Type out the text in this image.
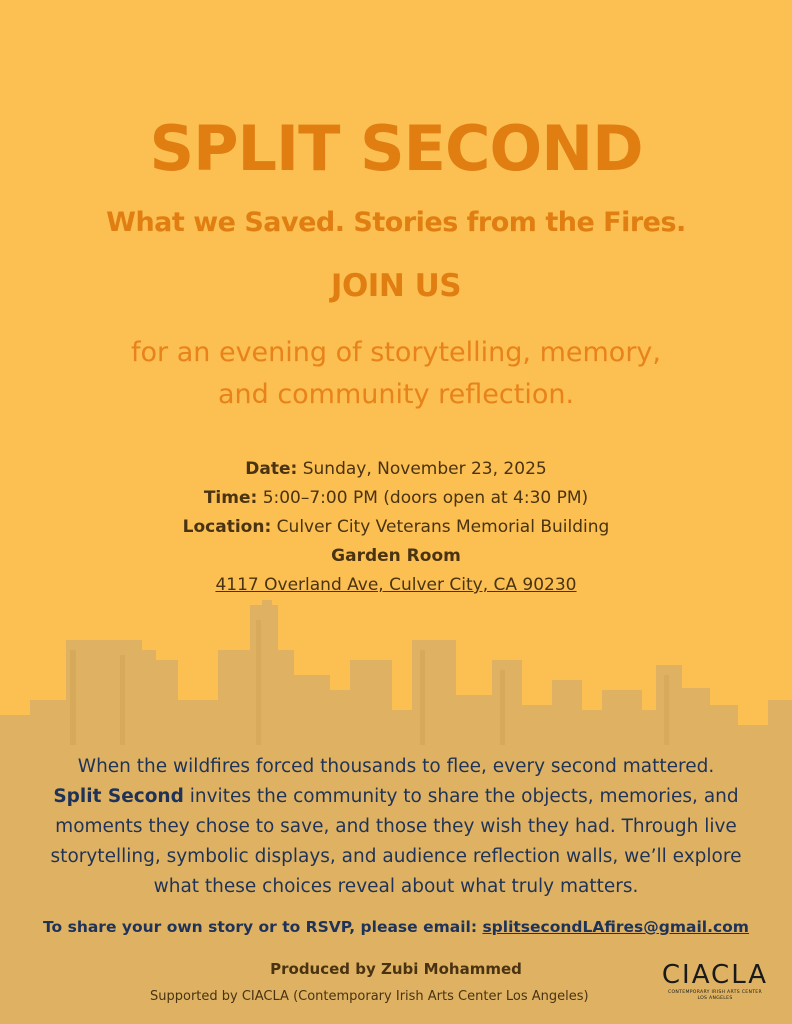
SPLIT SECOND
What we Saved. Stories from the Fires.
JOIN US

for an evening of storytelling, memory,
and community reflection.

Date: Sunday, November 23, 2025
Time: 5:00–7:00 PM (doors open at 4:30 PM)
Location: Culver City Veterans Memorial Building
Garden Room
4117 Overland Ave, Culver City, CA 90230

When the wildfires forced thousands to flee, every second mattered.
Split Second invites the community to share the objects, memories, and
moments they chose to save, and those they wish they had. Through live
storytelling, symbolic displays, and audience reflection walls, we’ll explore
what these choices reveal about what truly matters.

To share your own story or to RSVP, please email: splitsecondLAfires@gmail.com
Produced by Zubi Mohammed
Supported by CIACLA (Contemporary Irish Arts Center Los Angeles)
CIACLA
CONTEMPORARY IRISH ARTS CENTER
LOS ANGELES
